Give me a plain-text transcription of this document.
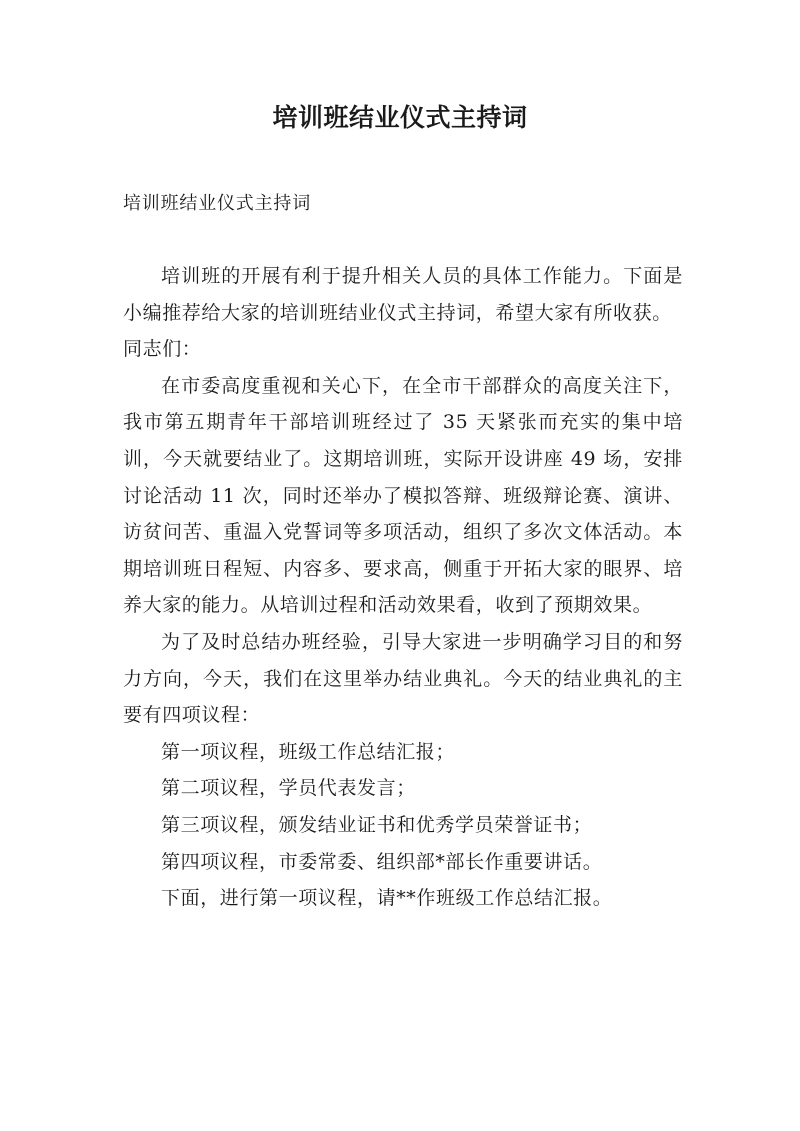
培训班结业仪式主持词

培训班结业仪式主持词

培训班的开展有利于提升相关人员的具体工作能力。下面是小编推荐给大家的培训班结业仪式主持词，希望大家有所收获。

同志们：

在市委高度重视和关心下，在全市干部群众的高度关注下，我市第五期青年干部培训班经过了 35 天紧张而充实的集中培训，今天就要结业了。这期培训班，实际开设讲座 49 场，安排讨论活动 11 次，同时还举办了模拟答辩、班级辩论赛、演讲、访贫问苦、重温入党誓词等多项活动，组织了多次文体活动。本期培训班日程短、内容多、要求高，侧重于开拓大家的眼界、培养大家的能力。从培训过程和活动效果看，收到了预期效果。

为了及时总结办班经验，引导大家进一步明确学习目的和努力方向，今天，我们在这里举办结业典礼。今天的结业典礼的主要有四项议程：

第一项议程，班级工作总结汇报；

第二项议程，学员代表发言；

第三项议程，颁发结业证书和优秀学员荣誉证书；

第四项议程，市委常委、组织部*部长作重要讲话。

下面，进行第一项议程，请**作班级工作总结汇报。
